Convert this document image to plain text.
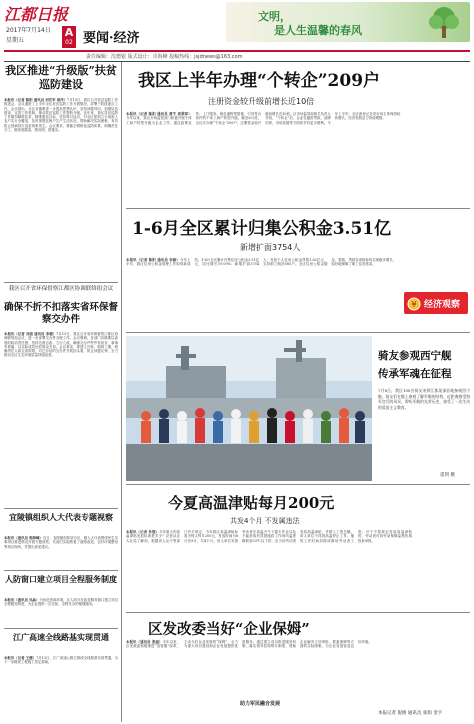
江都日报
2017年7月14日
星期五
A
02 要闻·经济
文明，
是人生温馨的春风
责任编辑：沈德银 版式设计：卓海峰 投稿热线：jsjdnews@163.com
我区推进“升级版”扶贫巡防建设
本报讯（记者 陈阳 通讯员 刘宏军 周洋）7月13日，我区召开扶贫巡防工作推进会，会议通报了上半年全区扶贫巡防工作开展情况，部署下阶段重点工作。会议指出，全区各镇要进一步提高思想认识，坚持问题导向，加强队伍建设，完善工作机制，推动扶贫巡防工作提档升级。近年来，我区扶贫巡防工作紧扣精准扶贫、精准脱贫目标，坚持每月巡访，对全区建档立卡低收入农户实行全覆盖，及时掌握贫困户生产生活状况，帮助解决实际困难，有效防止因病因灾返贫现象发生。会议要求，要健全网格化巡防体系，明确责任分工，做到底数清、情况明、措施实。
我区召开省环保督察江都区协调联络组会议
确保不折不扣落实省环保督察交办件
本报讯（记者 刘朋 通讯员 李德）7月13日，我区召开省环保督察江都区协调联络组会议，进一步部署交办件办理工作。会议强调，各部门各镇要以高度的政治责任感，坚持边督边改、立行立改，确保交办件件件有回音、事事有着落，以实际成效回应群众关切。会议要求，要建立台账，倒排工期，明确责任人和完成时限，对已办结的交办件开展回头看，防止问题反弹，全力推动全区生态环境质量持续改善。
宜陵镇组织人大代表专题视察
本报讯（通讯员 郭海峰）近日，宜陵镇组织部分区、镇人大代表围绕民生实事项目推进情况开展专题视察，代表们实地察看了道路改造、农村环境整治等项目现场，并提出意见建议。
人防窗口建立项目全程服务制度
本报讯（通讯员 吴晶）为优化营商环境，区人防办在政务服务窗口建立项目全程服务制度，为企业提供一次告知、全程代办的便捷服务。
江广高速全线路基实现贯通
本报讯（记者 王健）7月13日，江广高速公路江都段全线路基实现贯通，为下一步路面工程施工奠定基础。
我区上半年办理“个转企”209户
注册资金较升级前增长近10倍
本报讯（记者 陈阳 通讯员 黄宇 周翠萍）今年以来，我区市场监管部门积极开展个体工商户转型升级为企业工作，通过政策宣传、上门服务、简化流程等措施，引导符合条件的个体工商户转型升级。截至6月底，全区共办理“个转企”209户，注册资金较升级前增长近10倍。区市场监管局相关负责人介绍，“个转企”后，企业在融资贷款、品牌培育、市场拓展等方面将享有更多便利。今年上半年，全区新登记各类市场主体保持较快增长，经济发展活力持续增强。
1-6月全区累计归集公积金3.51亿
新增扩面3754人
本报讯（记者 陈阳 通讯员 李毅）今年上半年，我区住房公积金管理工作取得新成效。1-6月全区累计归集住房公积金3.51亿元，同比增长19.09%；新增扩面3754人；发放个人住房公积金贷款1.62亿元，支持职工购房585户。全区住房公积金缴存、提取、贷款各项指标均实现稳步增长，较好地保障了职工住房需求。
¥ 经济观察
骑友参观西宁舰
传承军魂在征程
7月8日，我区100名骑友来到江都某部驻地参观西宁舰。骑友们在舰上参观了解军舰的结构，近距离感受海军官兵的风采，聆听军舰的光荣历史，接受了一次生动的爱国主义教育。
雷剑 摄
今夏高温津贴每月200元
共发4个月 不发属违法
本报讯（记者 朱翔）今年夏天的高温津贴发放标准是多少？记者从区人社局了解到，根据省人社厅等部门有关规定，今年我区高温津贴标准为每人每月200元，发放时间为6月至9月，共4个月。用人单位安排劳动者在高温天气下露天作业以及不能采取有效措施将工作场所温度降低到33℃以下的，应当向劳动者发放高温津贴，并纳入工资总额。用人单位不得因高温停止工作、缩短工作时间扣除或降低劳动者工资。对于不按规定发放高温津贴的，劳动者可向劳动保障监察机构投诉举报。
区发改委当好“企业保姆”
本报讯（通讯员 张丽）今年以来，区发改委积极推进“放管服”改革，主动当好企业发展的“保姆”，全力为重大项目建设和企业发展提供优质服务。通过建立项目推进服务机制，落实领导挂钩帮办制度，帮助企业解决立项审批、要素保障等方面的实际困难，为企业发展营造良好环境。
助力军民融合发展
本报记者 倪俊 通讯员 张娟 金宇
